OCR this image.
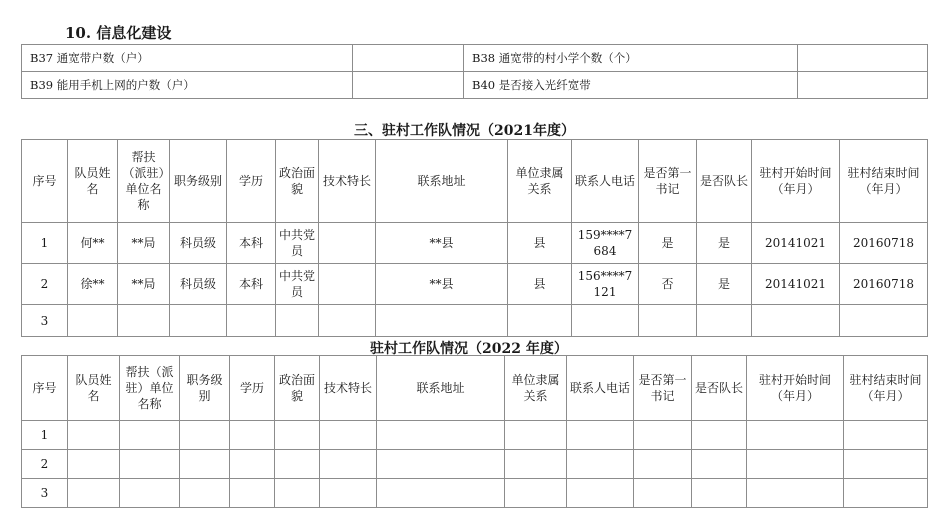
10. 信息化建设
B37 通宽带户数（户）		B38 通宽带的村小学个数（个）	
B39 能用手机上网的户数（户）		B40 是否接入光纤宽带	
三、驻村工作队情况（2021年度）
序号	队员姓名	帮扶（派驻）单位名称	职务级别	学历	政治面貌	技术特长	联系地址	单位隶属关系	联系人电话	是否第一书记	是否队长	驻村开始时间（年月）	驻村结束时间（年月）
1	何**	**局	科员级	本科	中共党员		**县	县	159****7684	是	是	20141021	20160718
2	徐**	**局	科员级	本科	中共党员		**县	县	156****7121	否	是	20141021	20160718
3													
驻村工作队情况（2022 年度）
序号	队员姓名	帮扶（派驻）单位名称	职务级别	学历	政治面貌	技术特长	联系地址	单位隶属关系	联系人电话	是否第一书记	是否队长	驻村开始时间（年月）	驻村结束时间（年月）
1													
2													
3													
